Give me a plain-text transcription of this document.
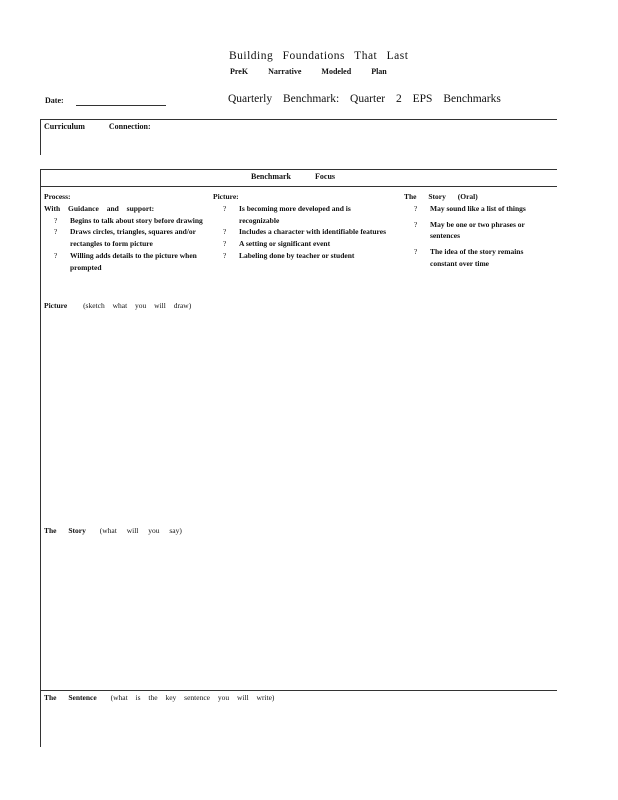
Building Foundations That Last
PreK	Narrative	Modeled	Plan
Date:	Quarterly Benchmark: Quarter 2 EPS Benchmarks
Curriculum Connection:
Benchmark Focus
Process:
With Guidance and support:
? Begins to talk about story before drawing
? Draws circles, triangles, squares and/or rectangles to form picture
? Willing adds details to the picture when prompted
Picture:
? Is becoming more developed and is recognizable
? Includes a character with identifiable features
? A setting or significant event
? Labeling done by teacher or student
The Story (Oral)
? May sound like a list of things
? May be one or two phrases or sentences
? The idea of the story remains constant over time
Picture (sketch what you will draw)
The Story (what will you say)
The Sentence (what is the key sentence you will write)
